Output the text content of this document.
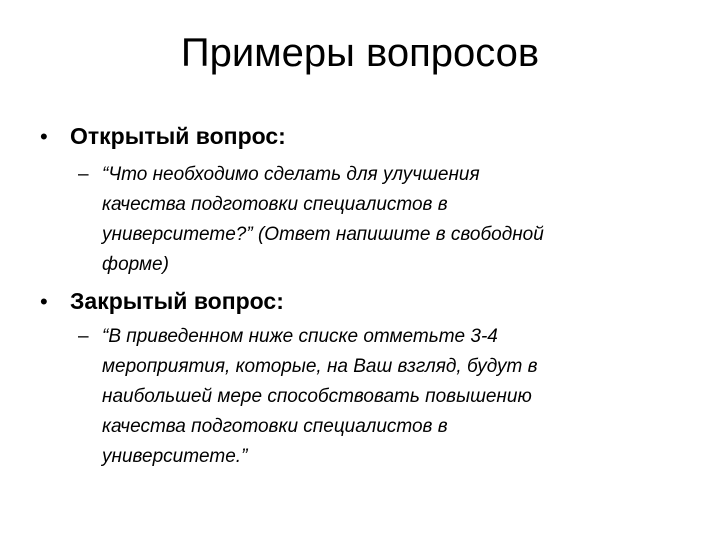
Примеры вопросов
• Открытый вопрос:
– “Что необходимо сделать для улучшения
качества подготовки специалистов в
университете?” (Ответ напишите в свободной
форме)
• Закрытый вопрос:
– “В приведенном ниже списке отметьте 3-4
мероприятия, которые, на Ваш взгляд, будут в
наибольшей мере способствовать повышению
качества подготовки специалистов в
университете.”
